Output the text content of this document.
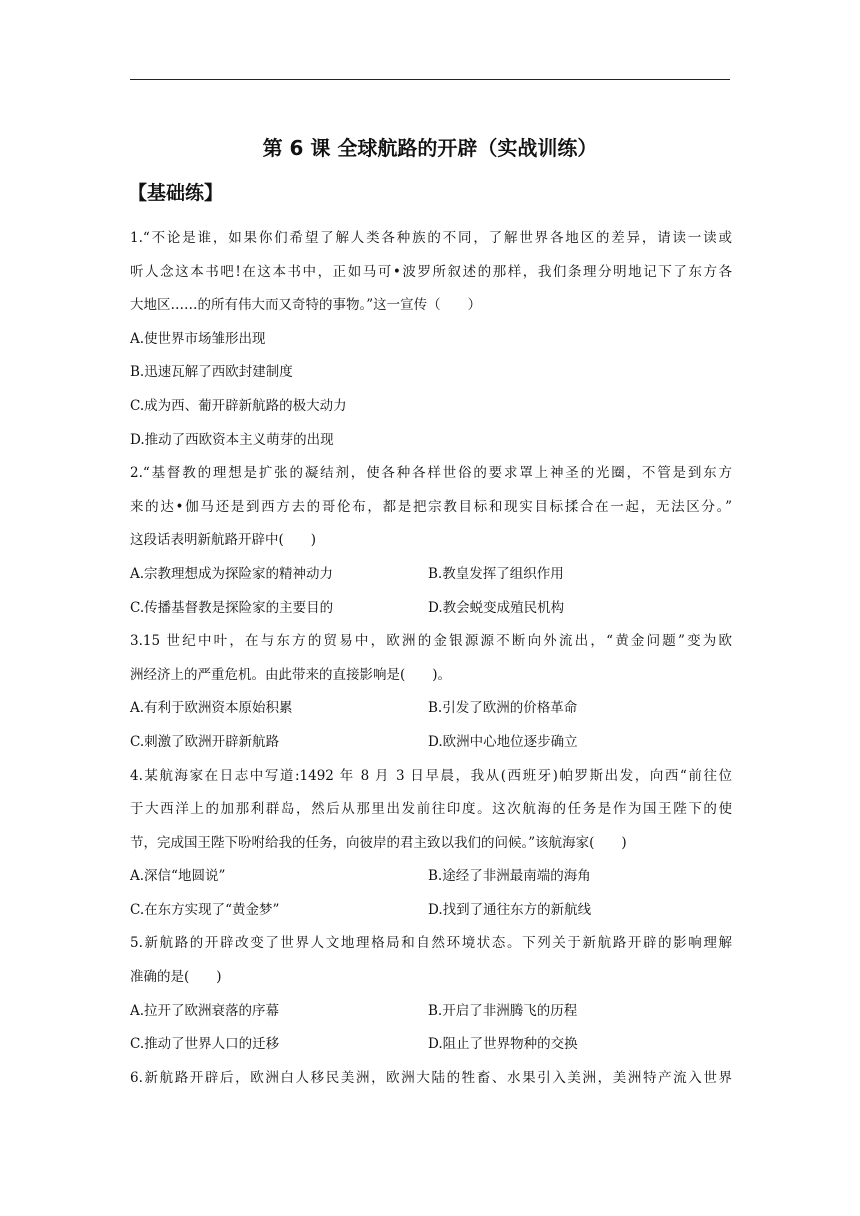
第 6 课 全球航路的开辟（实战训练）
【基础练】
1.“不论是谁，如果你们希望了解人类各种族的不同，了解世界各地区的差异，请读一读或
听人念这本书吧!在这本书中，正如马可•波罗所叙述的那样，我们条理分明地记下了东方各
大地区……的所有伟大而又奇特的事物。”这一宣传（　　）
A.使世界市场雏形出现
B.迅速瓦解了西欧封建制度
C.成为西、葡开辟新航路的极大动力
D.推动了西欧资本主义萌芽的出现
2.“基督教的理想是扩张的凝结剂，使各种各样世俗的要求罩上神圣的光圈，不管是到东方
来的达•伽马还是到西方去的哥伦布，都是把宗教目标和现实目标揉合在一起，无法区分。”
这段话表明新航路开辟中(　　)
A.宗教理想成为探险家的精神动力	B.教皇发挥了组织作用
C.传播基督教是探险家的主要目的	D.教会蜕变成殖民机构
3.15 世纪中叶，在与东方的贸易中，欧洲的金银源源不断向外流出，“黄金问题”变为欧
洲经济上的严重危机。由此带来的直接影响是(　　)。
A.有利于欧洲资本原始积累	B.引发了欧洲的价格革命
C.刺激了欧洲开辟新航路	D.欧洲中心地位逐步确立
4.某航海家在日志中写道:1492 年 8 月 3 日早晨，我从(西班牙)帕罗斯出发，向西“前往位
于大西洋上的加那利群岛，然后从那里出发前往印度。这次航海的任务是作为国王陛下的使
节，完成国王陛下吩咐给我的任务，向彼岸的君主致以我们的问候。”该航海家(　　)
A.深信“地圆说”	B.途经了非洲最南端的海角
C.在东方实现了“黄金梦”	D.找到了通往东方的新航线
5.新航路的开辟改变了世界人文地理格局和自然环境状态。下列关于新航路开辟的影响理解
准确的是(　　)
A.拉开了欧洲衰落的序幕	B.开启了非洲腾飞的历程
C.推动了世界人口的迁移	D.阻止了世界物种的交换
6.新航路开辟后，欧洲白人移民美洲，欧洲大陆的牲畜、水果引入美洲，美洲特产流入世界
